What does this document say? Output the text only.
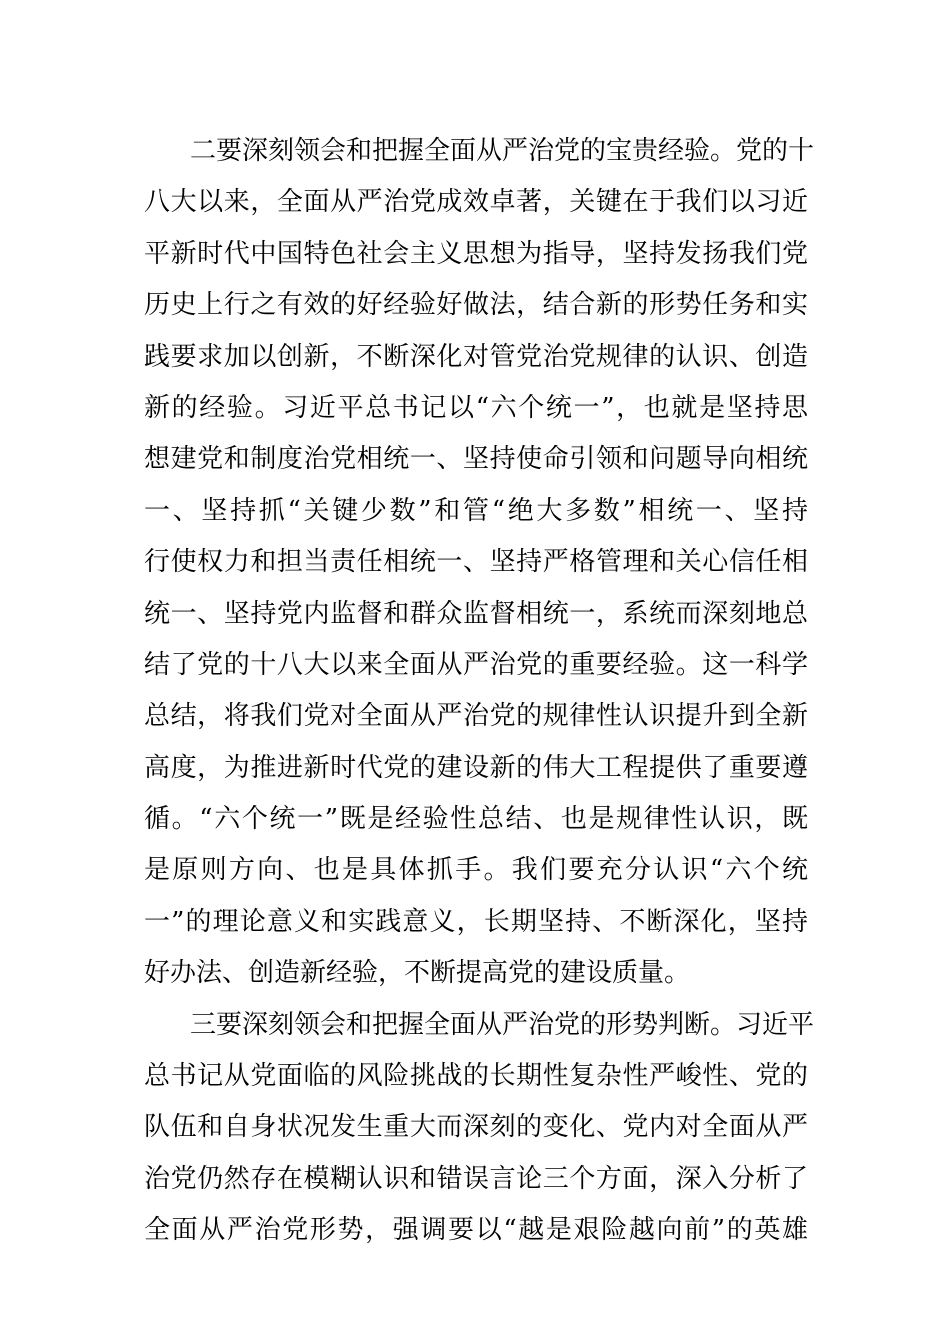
二要深刻领会和把握全面从严治党的宝贵经验。党的十
八大以来，全面从严治党成效卓著，关键在于我们以习近
平新时代中国特色社会主义思想为指导，坚持发扬我们党
历史上行之有效的好经验好做法，结合新的形势任务和实
践要求加以创新，不断深化对管党治党规律的认识、创造
新的经验。习近平总书记以“六个统一”，也就是坚持思
想建党和制度治党相统一、坚持使命引领和问题导向相统
一、坚持抓“关键少数”和管“绝大多数”相统一、坚持
行使权力和担当责任相统一、坚持严格管理和关心信任相
统一、坚持党内监督和群众监督相统一，系统而深刻地总
结了党的十八大以来全面从严治党的重要经验。这一科学
总结，将我们党对全面从严治党的规律性认识提升到全新
高度，为推进新时代党的建设新的伟大工程提供了重要遵
循。“六个统一”既是经验性总结、也是规律性认识，既
是原则方向、也是具体抓手。我们要充分认识“六个统
一”的理论意义和实践意义，长期坚持、不断深化，坚持
好办法、创造新经验，不断提高党的建设质量。
三要深刻领会和把握全面从严治党的形势判断。习近平
总书记从党面临的风险挑战的长期性复杂性严峻性、党的
队伍和自身状况发生重大而深刻的变化、党内对全面从严
治党仍然存在模糊认识和错误言论三个方面，深入分析了
全面从严治党形势，强调要以“越是艰险越向前”的英雄
